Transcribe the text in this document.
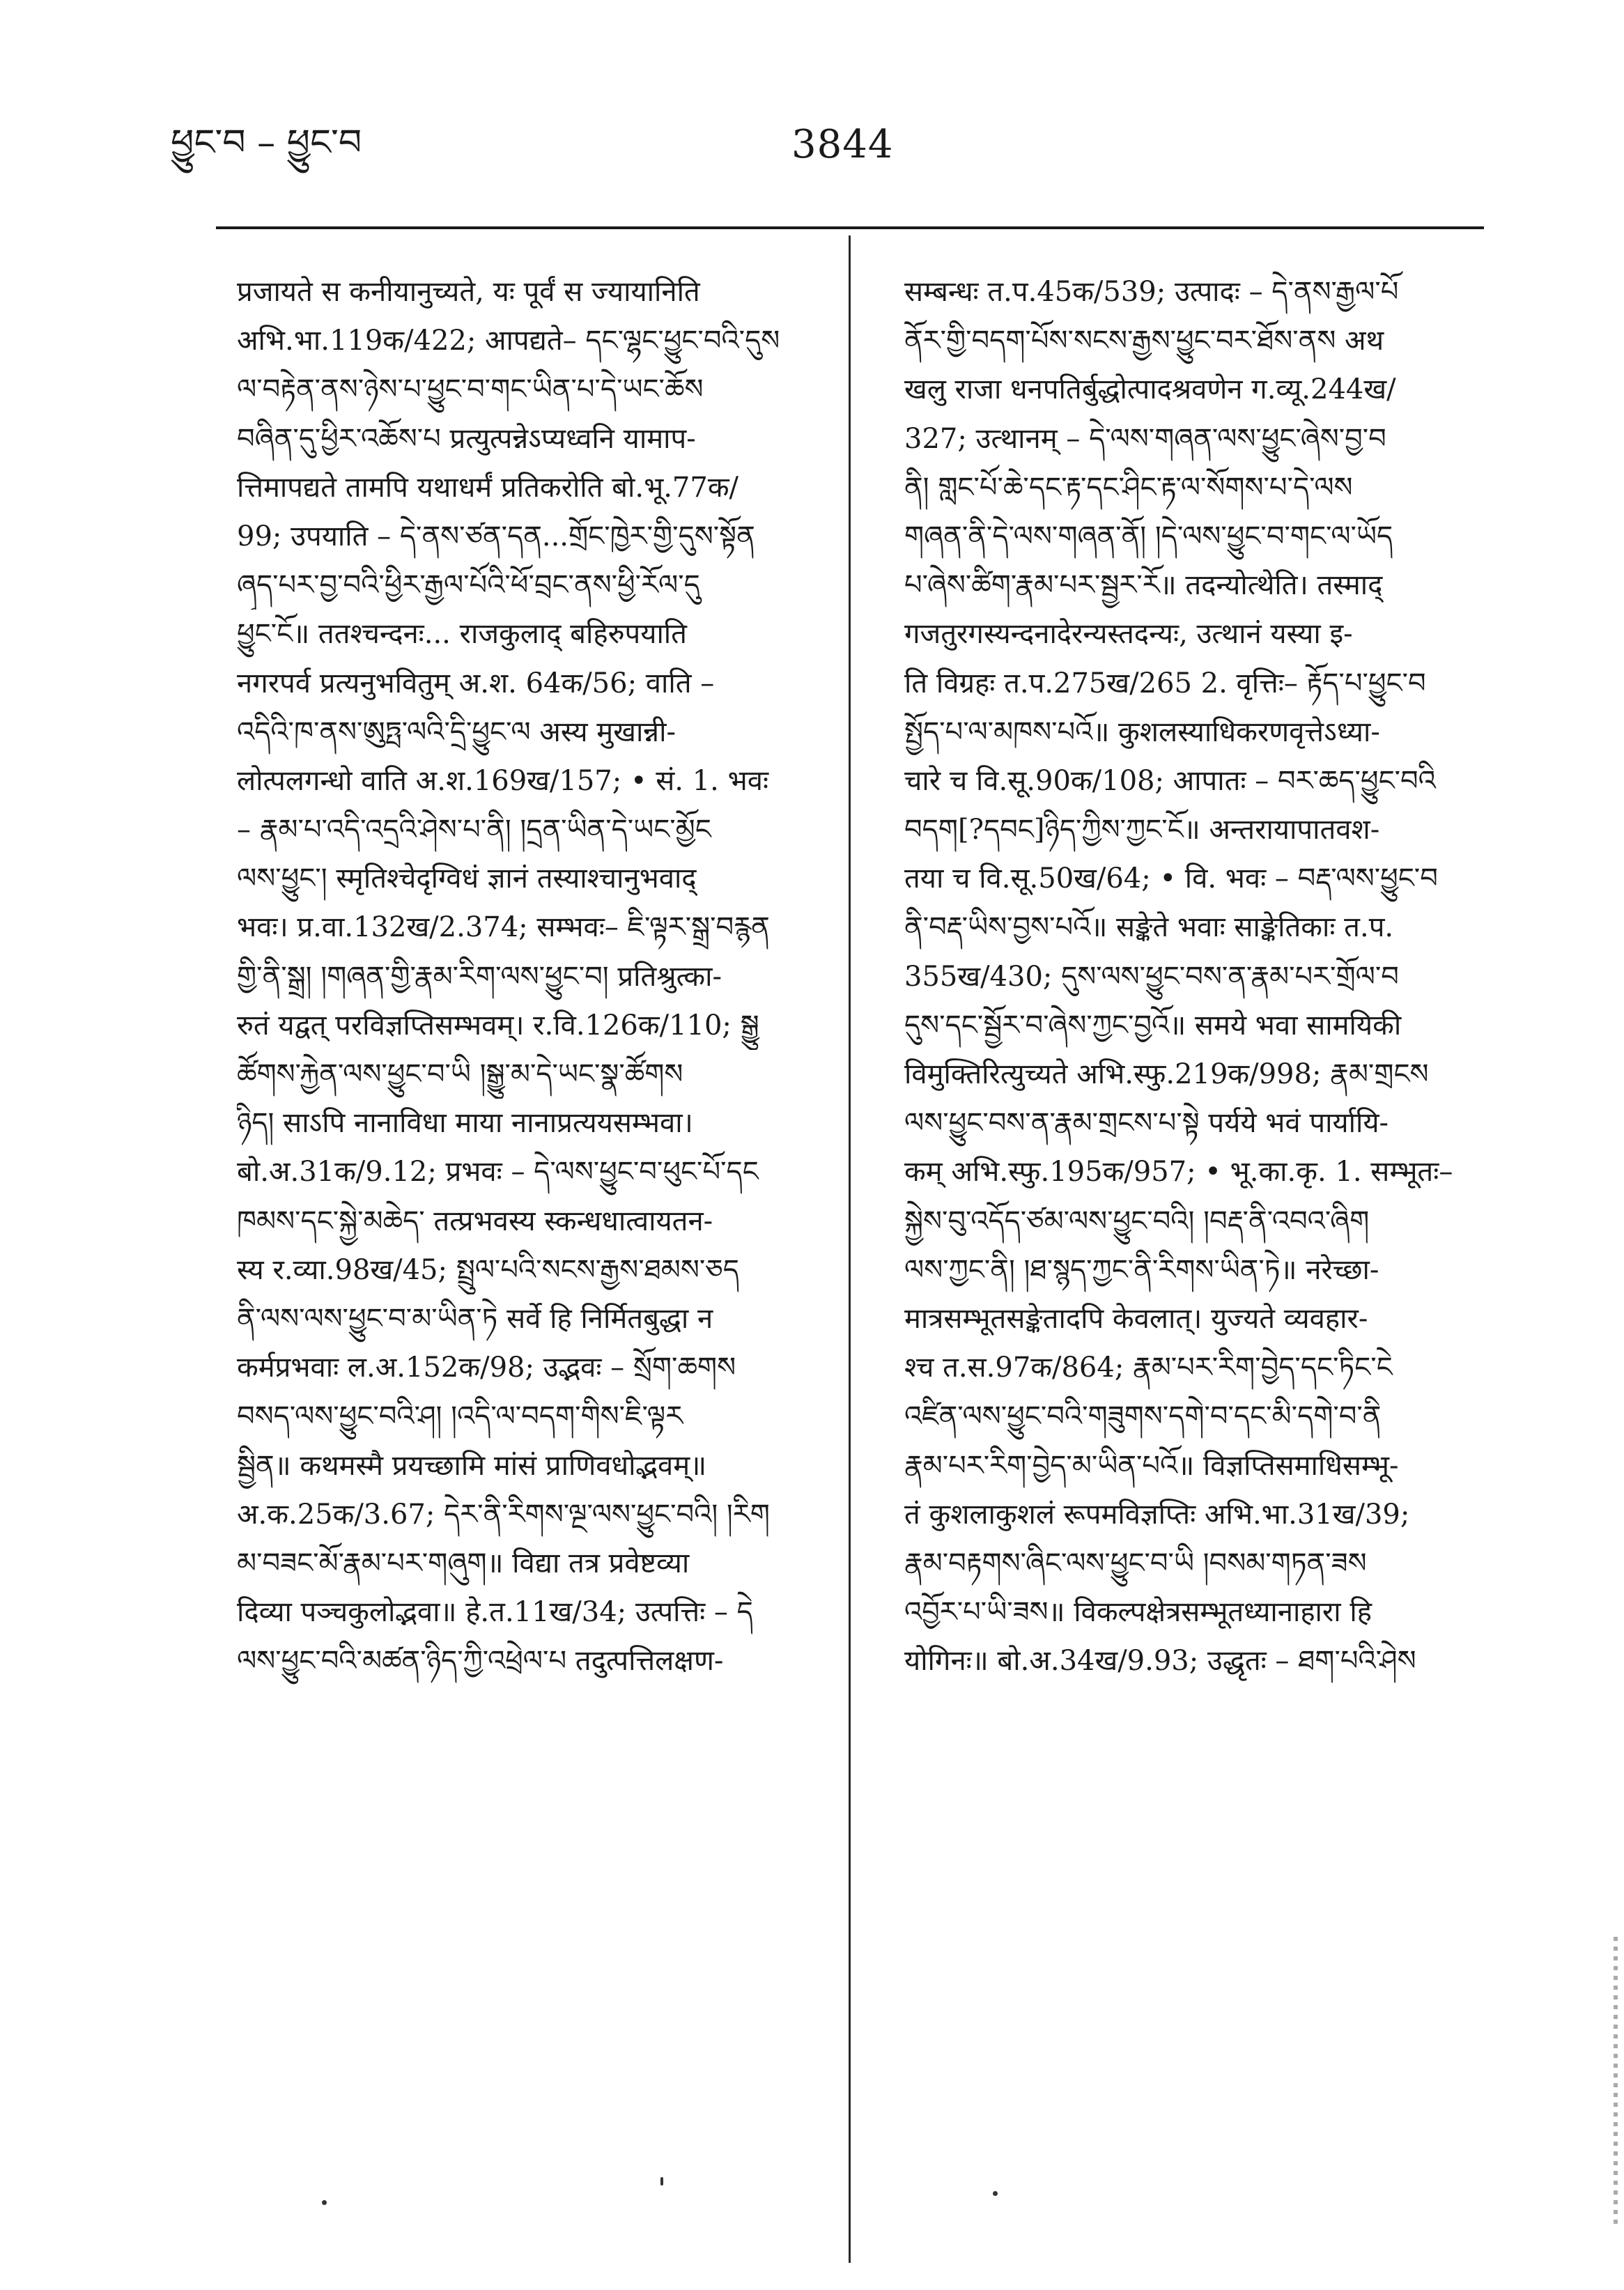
ཕྱུང་བ – ཕྱུང་བ	3844
प्रजायते स कनीयानुच्यते, यः पूर्वं स ज्यायानिति
अभि.भा.119क/422; आपद्यते– དང་ལྷང་ཕྱུང་བའི་དུས
ལ་བརྟེན་ནས་ཉེས་པ་ཕྱུང་བ་གང་ཡིན་པ་དེ་ཡང་ཆོས
བཞིན་དུ་ཕྱིར་འཆོས་པ प्रत्युत्पन्नेऽप्यध्वनि यामाप-
त्तिमापद्यते तामपि यथाधर्मं प्रतिकरोति बो.भू.77क/
99; उपयाति – དེ་ནས་ཙན་དན...གྲོང་ཁྱེར་གྱི་དུས་སྟོན
ཞྭུད་པར་བྱ་བའི་ཕྱིར་རྒྱལ་པོའི་ཕོ་བྲང་ནས་ཕྱི་རོལ་དུ
ཕྱུང་ངོ॥ ततश्चन्दनः... राजकुलाद् बहिरुपयाति
नगरपर्व प्रत्यनुभवितुम् अ.श. 64क/56; वाति –
འདིའི་ཁ་ནས་ཨུཏྤ་ལའི་དྲི་ཕྱུང་ལ अस्य मुखान्नी-
लोत्पलगन्धो वाति अ.श.169ख/157; • सं. 1. भवः
– རྣམ་པ་འདི་འདྲའི་ཤེས་པ་ནི། །དྲན་ཡིན་དེ་ཡང་མྱོང
ལས་ཕྱུང་། स्मृतिश्चेदृग्विधं ज्ञानं तस्याश्चानुभवाद्
भवः। प्र.वा.132ख/2.374; सम्भवः– ཇི་ལྟར་སྒྲ་བརྙན
གྱི་ནི་སྒྲ། །གཞན་གྱི་རྣམ་རིག་ལས་ཕྱུང་བ། प्रतिश्रुत्का-
रुतं यद्वत् परविज्ञप्तिसम्भवम्। र.वि.126क/110; སྒྱུ
ཚོགས་རྐྱེན་ལས་ཕྱུང་བ་ཡི །སྒྱུ་མ་དེ་ཡང་སྣ་ཚོགས
ཉིད། साऽपि नानाविधा माया नानाप्रत्ययसम्भवा।
बो.अ.31क/9.12; प्रभवः – དེ་ལས་ཕྱུང་བ་ཕུང་པོ་དང
ཁམས་དང་སྐྱེ་མཆེད་ तत्प्रभवस्य स्कन्धधात्वायतन-
स्य र.व्या.98ख/45; སྤྲུལ་པའི་སངས་རྒྱས་ཐམས་ཅད
ནི་ལས་ལས་ཕྱུང་བ་མ་ཡིན་ཏེ सर्वे हि निर्मितबुद्धा न
कर्मप्रभवाः ल.अ.152क/98; उद्भवः – སྲོག་ཆགས
བསད་ལས་ཕྱུང་བའི་ཤ། །འདི་ལ་བདག་གིས་ཇི་ལྟར
སྦྱིན॥ कथमस्मै प्रयच्छामि मांसं प्राणिवधोद्भवम्॥
अ.क.25क/3.67; དེར་ནི་རིགས་ལྔ་ལས་ཕྱུང་བའི། །རིག
མ་བཟང་མོ་རྣམ་པར་གཞུག॥ विद्या तत्र प्रवेष्टव्या
दिव्या पञ्चकुलोद्भवा॥ हे.त.11ख/34; उत्पत्तिः – དེ
ལས་ཕྱུང་བའི་མཚན་ཉིད་ཀྱི་འཕྲེལ་པ तदुत्पत्तिलक्षण-
सम्बन्धः त.प.45क/539; उत्पादः – དེ་ནས་རྒྱལ་པོ
ནོར་གྱི་བདག་པོས་སངས་རྒྱས་ཕྱུང་བར་ཐོས་ནས अथ
खलु राजा धनपतिर्बुद्धोत्पादश्रवणेन ग.व्यू.244ख/
327; उत्थानम् – དེ་ལས་གཞན་ལས་ཕྱུང་ཞེས་བྱ་བ
ནི། གླང་པོ་ཆེ་དང་རྟ་དང་ཤིང་རྟ་ལ་སོགས་པ་དེ་ལས
གཞན་ནི་དེ་ལས་གཞན་ནོ། །དེ་ལས་ཕྱུང་བ་གང་ལ་ཡོད
པ་ཞེས་ཚིག་རྣམ་པར་སྦྱར་རོ॥ तदन्योत्थेति। तस्माद्
गजतुरगस्यन्दनादेरन्यस्तदन्यः, उत्थानं यस्या इ-
ति विग्रहः त.प.275ख/265 2. वृत्तिः– རྟོད་པ་ཕྱུང་བ
སྤྱོད་པ་ལ་མཁས་པའོ॥ कुशलस्याधिकरणवृत्तेऽध्या-
चारे च वि.सू.90क/108; आपातः – བར་ཆད་ཕྱུང་བའི
བདག[?དབང]ཉིད་ཀྱིས་ཀྱང་ངོ॥ अन्तरायापातवश-
तया च वि.सू.50ख/64; • वि. भवः – བརྡ་ལས་ཕྱུང་བ
ནི་བརྡ་ཡིས་བྱས་པའོ॥ सङ्केते भवाः साङ्केतिकाः त.प.
355ख/430; དུས་ལས་ཕྱུང་བས་ན་རྣམ་པར་གྲོལ་བ
དུས་དང་སྦྱོར་བ་ཞེས་ཀྱང་བྱའོ॥ समये भवा सामयिकी
विमुक्तिरित्युच्यते अभि.स्फु.219क/998; རྣམ་གྲངས
ལས་ཕྱུང་བས་ན་རྣམ་གྲངས་པ་སྟེ पर्यये भवं पार्यायि-
कम् अभि.स्फु.195क/957; • भू.का.कृ. 1. सम्भूतः–
སྐྱེས་བུ་འདོད་ཙམ་ལས་ཕྱུང་བའི། །བརྡ་ནི་འབའ་ཞིག
ལས་ཀྱང་ནི། །ཐ་སྙད་ཀྱང་ནི་རིགས་ཡིན་ཏེ॥ नरेच्छा-
मात्रसम्भूतसङ्केतादपि केवलात्। युज्यते व्यवहार-
श्च त.स.97क/864; རྣམ་པར་རིག་བྱེད་དང་ཏིང་ངེ
འཛིན་ལས་ཕྱུང་བའི་གཟུགས་དགེ་བ་དང་མི་དགེ་བ་ནི
རྣམ་པར་རིག་བྱེད་མ་ཡིན་པའོ॥ विज्ञप्तिसमाधिसम्भू-
तं कुशलाकुशलं रूपमविज्ञप्तिः अभि.भा.31ख/39;
རྣམ་བརྟགས་ཞིང་ལས་ཕྱུང་བ་ཡི །བསམ་གཏན་ཟས
འབྱོར་པ་ཡི་ཟས॥ विकल्पक्षेत्रसम्भूतध्यानाहारा हि
योगिनः॥ बो.अ.34ख/9.93; उद्धृतः – ཐག་པའི་ཤེས
